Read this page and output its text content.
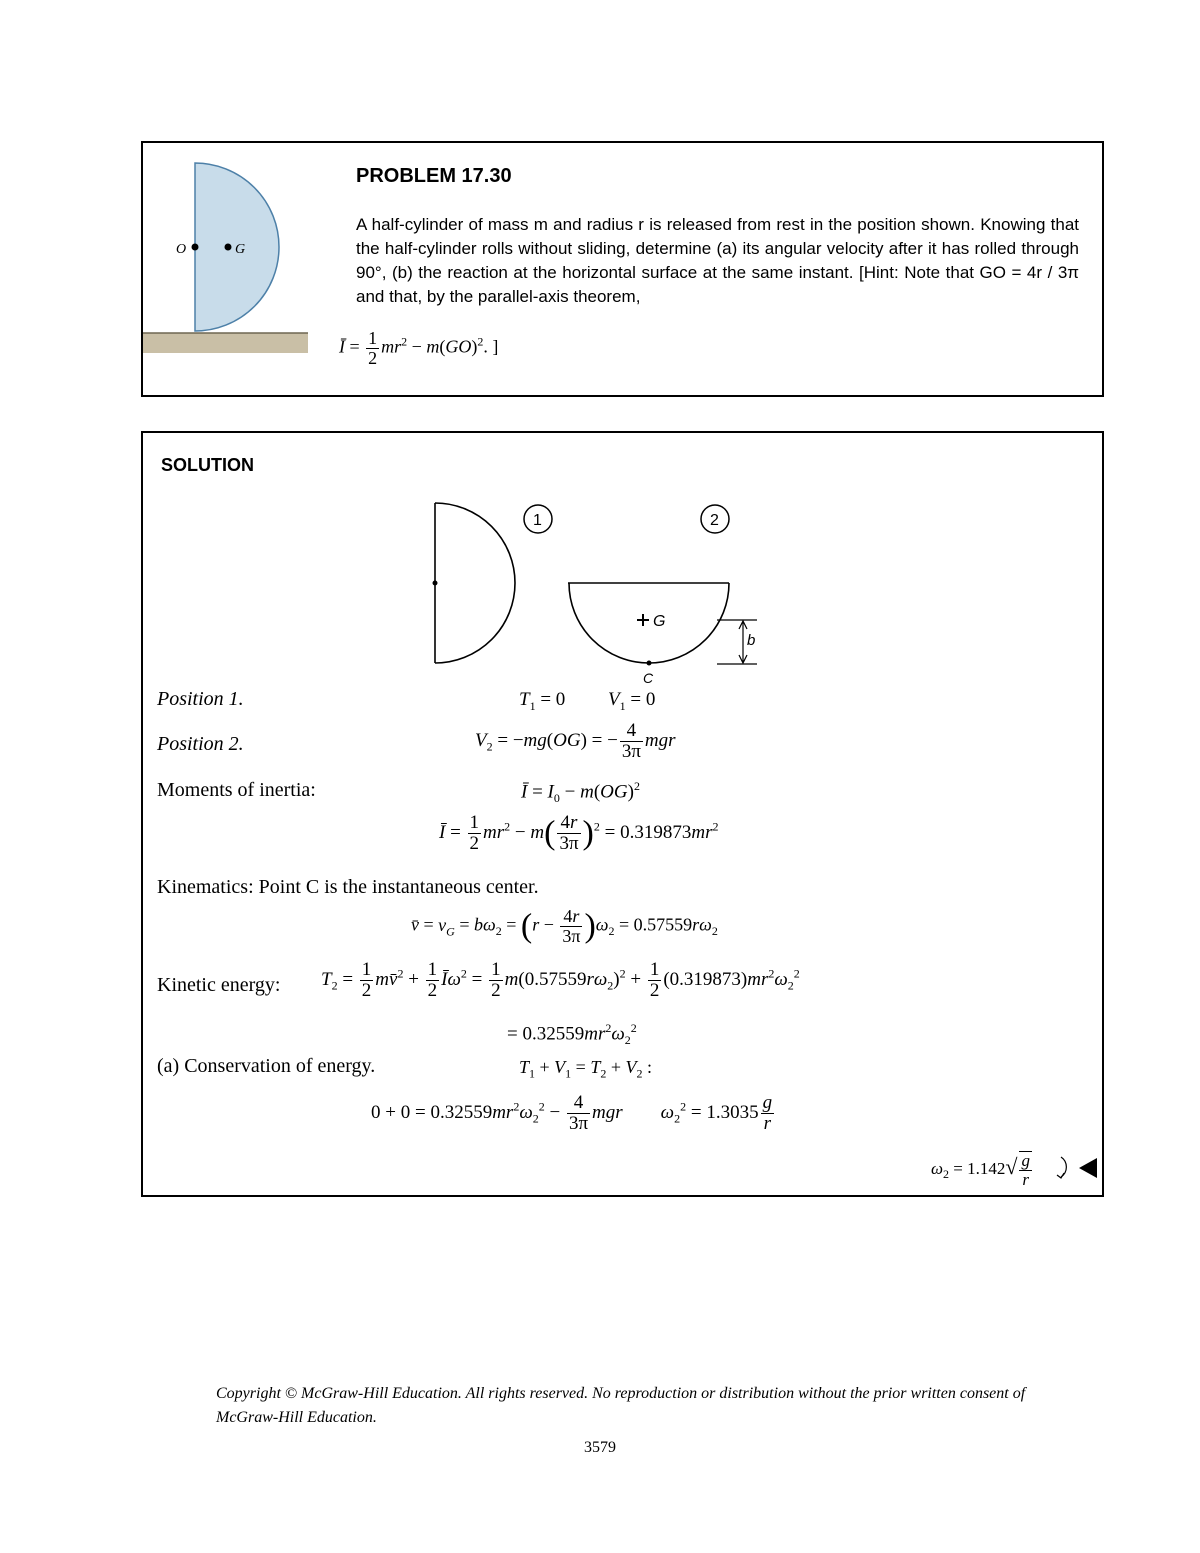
O	G
PROBLEM 17.30
A half-cylinder of mass m and radius r is released from rest in the position shown. Knowing that the half-cylinder rolls without sliding, determine (a) its angular velocity after it has rolled through 90°, (b) the reaction at the horizontal surface at the same instant. [Hint: Note that GO = 4r / 3π and that, by the parallel-axis theorem,
Ī = $\frac{1}{2} mr^2 - m(GO)^2$. ]
SOLUTION
1	2
G
C
b
Position 1.	$T_1 = 0$         $V_1 = 0$
Position 2.	$V_2 = -mg(OG)$ = − $\frac{4}{3\pi}$ mgr
Moments of inertia:	Ī = $I_0 - m(OG)^2$
Ī = $\frac{1}{2} mr^2 - m( \frac{4r}{3\pi} )^2 = 0.319873mr^2$
Kinematics: Point C is the instantaneous center.
v̄ = $v_G = b\omega_2 = (r - \frac{4r}{3\pi} )\omega_2 = 0.57559r\omega_2$
Kinetic energy: $T_2 = \frac{1}{2}$ mv̄$^2$ + $\frac{1}{2}$ $Ī\omega^2 = \frac{1}{2} m(0.57559r\omega_2)^2 + \frac{1}{2} (0.319873)mr^2\omega_2^2$
= $0.32559mr^2\omega_2^2$
(a) Conservation of energy.	$T_1 + V_1 = T_2 + V_2$ :
$0 + 0 = 0.32559mr^2\omega_2^2 - \frac{4}{3\pi}$ mgr $\omega_2^2 = 1.3035 \frac{g}{r}$
$\omega_2 = 1.142√ \frac{g}{r}$
Copyright © McGraw-Hill Education. All rights reserved. No reproduction or distribution without the prior written consent of McGraw-Hill Education.
3579
